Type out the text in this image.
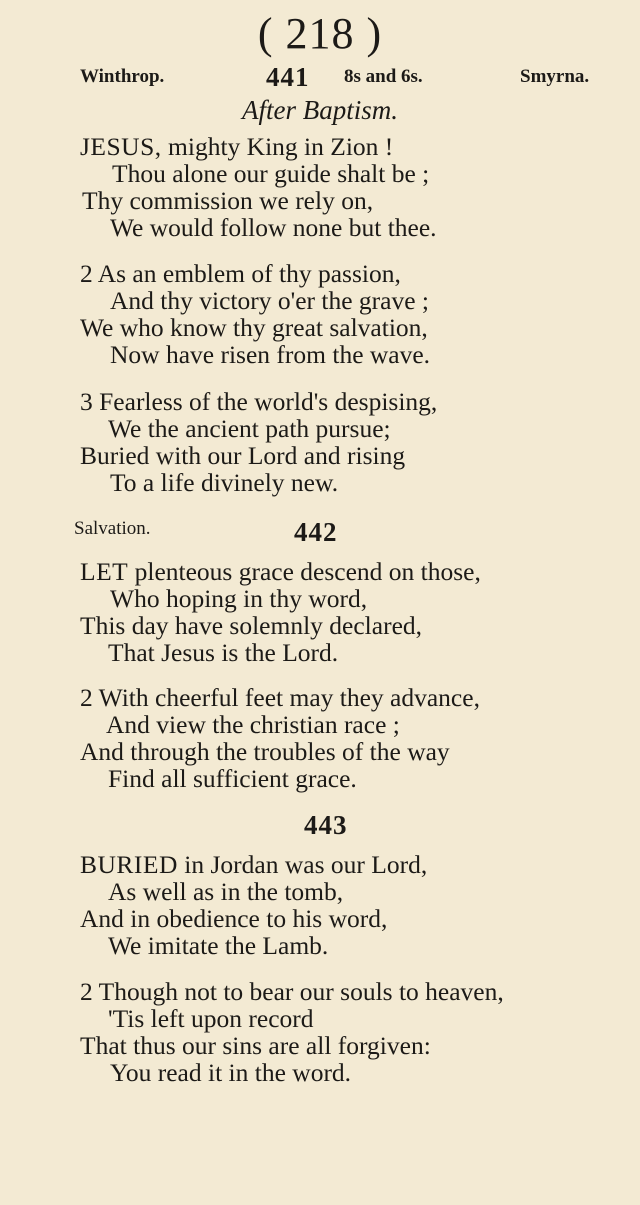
( 218 )
Winthrop.	441 8s and 6s.	Smyrna.
After Baptism.
JESUS, mighty King in Zion !
Thou alone our guide shalt be ;
Thy commission we rely on,
We would follow none but thee.
2 As an emblem of thy passion,
And thy victory o'er the grave ;
We who know thy great salvation,
Now have risen from the wave.
3 Fearless of the world's despising,
We the ancient path pursue;
Buried with our Lord and rising
To a life divinely new.
Salvation.	442
LET plenteous grace descend on those,
Who hoping in thy word,
This day have solemnly declared,
That Jesus is the Lord.
2 With cheerful feet may they advance,
And view the christian race ;
And through the troubles of the way
Find all sufficient grace.
443
BURIED in Jordan was our Lord,
As well as in the tomb,
And in obedience to his word,
We imitate the Lamb.
2 Though not to bear our souls to heaven,
'Tis left upon record
That thus our sins are all forgiven:
You read it in the word.
